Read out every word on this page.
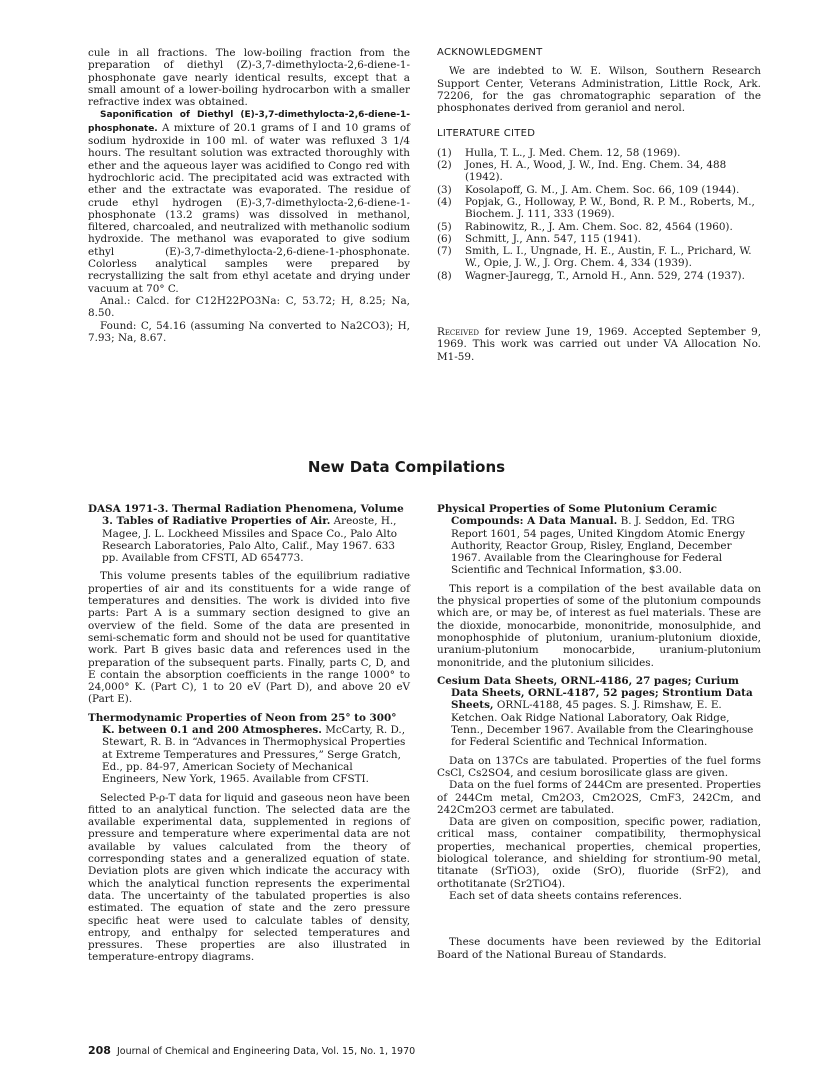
cule in all fractions. The low-boiling fraction from the preparation of diethyl (Z)-3,7-dimethylocta-2,6-diene-1-phosphonate gave nearly identical results, except that a small amount of a lower-boiling hydrocarbon with a smaller refractive index was obtained.

Saponification of Diethyl (E)-3,7-dimethylocta-2,6-diene-1-phosphonate. A mixture of 20.1 grams of I and 10 grams of sodium hydroxide in 100 ml. of water was refluxed 3 1/4 hours. The resultant solution was extracted thoroughly with ether and the aqueous layer was acidified to Congo red with hydrochloric acid. The precipitated acid was extracted with ether and the extractate was evaporated. The residue of crude ethyl hydrogen (E)-3,7-dimethylocta-2,6-diene-1-phosphonate (13.2 grams) was dissolved in methanol, filtered, charcoaled, and neutralized with methanolic sodium hydroxide. The methanol was evaporated to give sodium ethyl (E)-3,7-dimethylocta-2,6-diene-1-phosphonate. Colorless analytical samples were prepared by recrystallizing the salt from ethyl acetate and drying under vacuum at 70° C.

Anal.: Calcd. for C12H22PO3Na: C, 53.72; H, 8.25; Na, 8.50.

Found: C, 54.16 (assuming Na converted to Na2CO3); H, 7.93; Na, 8.67.

ACKNOWLEDGMENT

We are indebted to W. E. Wilson, Southern Research Support Center, Veterans Administration, Little Rock, Ark. 72206, for the gas chromatographic separation of the phosphonates derived from geraniol and nerol.

LITERATURE CITED
(1) Hulla, T. L., J. Med. Chem. 12, 58 (1969).
(2) Jones, H. A., Wood, J. W., Ind. Eng. Chem. 34, 488 (1942).
(3) Kosolapoff, G. M., J. Am. Chem. Soc. 66, 109 (1944).
(4) Popjak, G., Holloway, P. W., Bond, R. P. M., Roberts, M., Biochem. J. 111, 333 (1969).
(5) Rabinowitz, R., J. Am. Chem. Soc. 82, 4564 (1960).
(6) Schmitt, J., Ann. 547, 115 (1941).
(7) Smith, L. I., Ungnade, H. E., Austin, F. L., Prichard, W. W., Opie, J. W., J. Org. Chem. 4, 334 (1939).
(8) Wagner-Jauregg, T., Arnold H., Ann. 529, 274 (1937).

Received for review June 19, 1969. Accepted September 9, 1969. This work was carried out under VA Allocation No. M1-59.

New Data Compilations

DASA 1971-3. Thermal Radiation Phenomena, Volume 3. Tables of Radiative Properties of Air. Areoste, H., Magee, J. L. Lockheed Missiles and Space Co., Palo Alto Research Laboratories, Palo Alto, Calif., May 1967. 633 pp. Available from CFSTI, AD 654773.

This volume presents tables of the equilibrium radiative properties of air and its constituents for a wide range of temperatures and densities. The work is divided into five parts: Part A is a summary section designed to give an overview of the field. Some of the data are presented in semi-schematic form and should not be used for quantitative work. Part B gives basic data and references used in the preparation of the subsequent parts. Finally, parts C, D, and E contain the absorption coefficients in the range 1000° to 24,000° K. (Part C), 1 to 20 eV (Part D), and above 20 eV (Part E).

Thermodynamic Properties of Neon from 25° to 300° K. between 0.1 and 200 Atmospheres. McCarty, R. D., Stewart, R. B. in “Advances in Thermophysical Properties at Extreme Temperatures and Pressures,” Serge Gratch, Ed., pp. 84-97, American Society of Mechanical Engineers, New York, 1965. Available from CFSTI.

Selected P-ρ-T data for liquid and gaseous neon have been fitted to an analytical function. The selected data are the available experimental data, supplemented in regions of pressure and temperature where experimental data are not available by values calculated from the theory of corresponding states and a generalized equation of state. Deviation plots are given which indicate the accuracy with which the analytical function represents the experimental data. The uncertainty of the tabulated properties is also estimated. The equation of state and the zero pressure specific heat were used to calculate tables of density, entropy, and enthalpy for selected temperatures and pressures. These properties are also illustrated in temperature-entropy diagrams.

Physical Properties of Some Plutonium Ceramic Compounds: A Data Manual. B. J. Seddon, Ed. TRG Report 1601, 54 pages, United Kingdom Atomic Energy Authority, Reactor Group, Risley, England, December 1967. Available from the Clearinghouse for Federal Scientific and Technical Information, $3.00.

This report is a compilation of the best available data on the physical properties of some of the plutonium compounds which are, or may be, of interest as fuel materials. These are the dioxide, monocarbide, mononitride, monosulphide, and monophosphide of plutonium, uranium-plutonium dioxide, uranium-plutonium monocarbide, uranium-plutonium mononitride, and the plutonium silicides.

Cesium Data Sheets, ORNL-4186, 27 pages; Curium Data Sheets, ORNL-4187, 52 pages; Strontium Data Sheets, ORNL-4188, 45 pages. S. J. Rimshaw, E. E. Ketchen. Oak Ridge National Laboratory, Oak Ridge, Tenn., December 1967. Available from the Clearinghouse for Federal Scientific and Technical Information.

Data on 137Cs are tabulated. Properties of the fuel forms CsCl, Cs2SO4, and cesium borosilicate glass are given.

Data on the fuel forms of 244Cm are presented. Properties of 244Cm metal, Cm2O3, Cm2O2S, CmF3, 242Cm, and 242Cm2O3 cermet are tabulated.

Data are given on composition, specific power, radiation, critical mass, container compatibility, thermophysical properties, mechanical properties, chemical properties, biological tolerance, and shielding for strontium-90 metal, titanate (SrTiO3), oxide (SrO), fluoride (SrF2), and orthotitanate (Sr2TiO4).

Each set of data sheets contains references.

These documents have been reviewed by the Editorial Board of the National Bureau of Standards.

208 Journal of Chemical and Engineering Data, Vol. 15, No. 1, 1970
